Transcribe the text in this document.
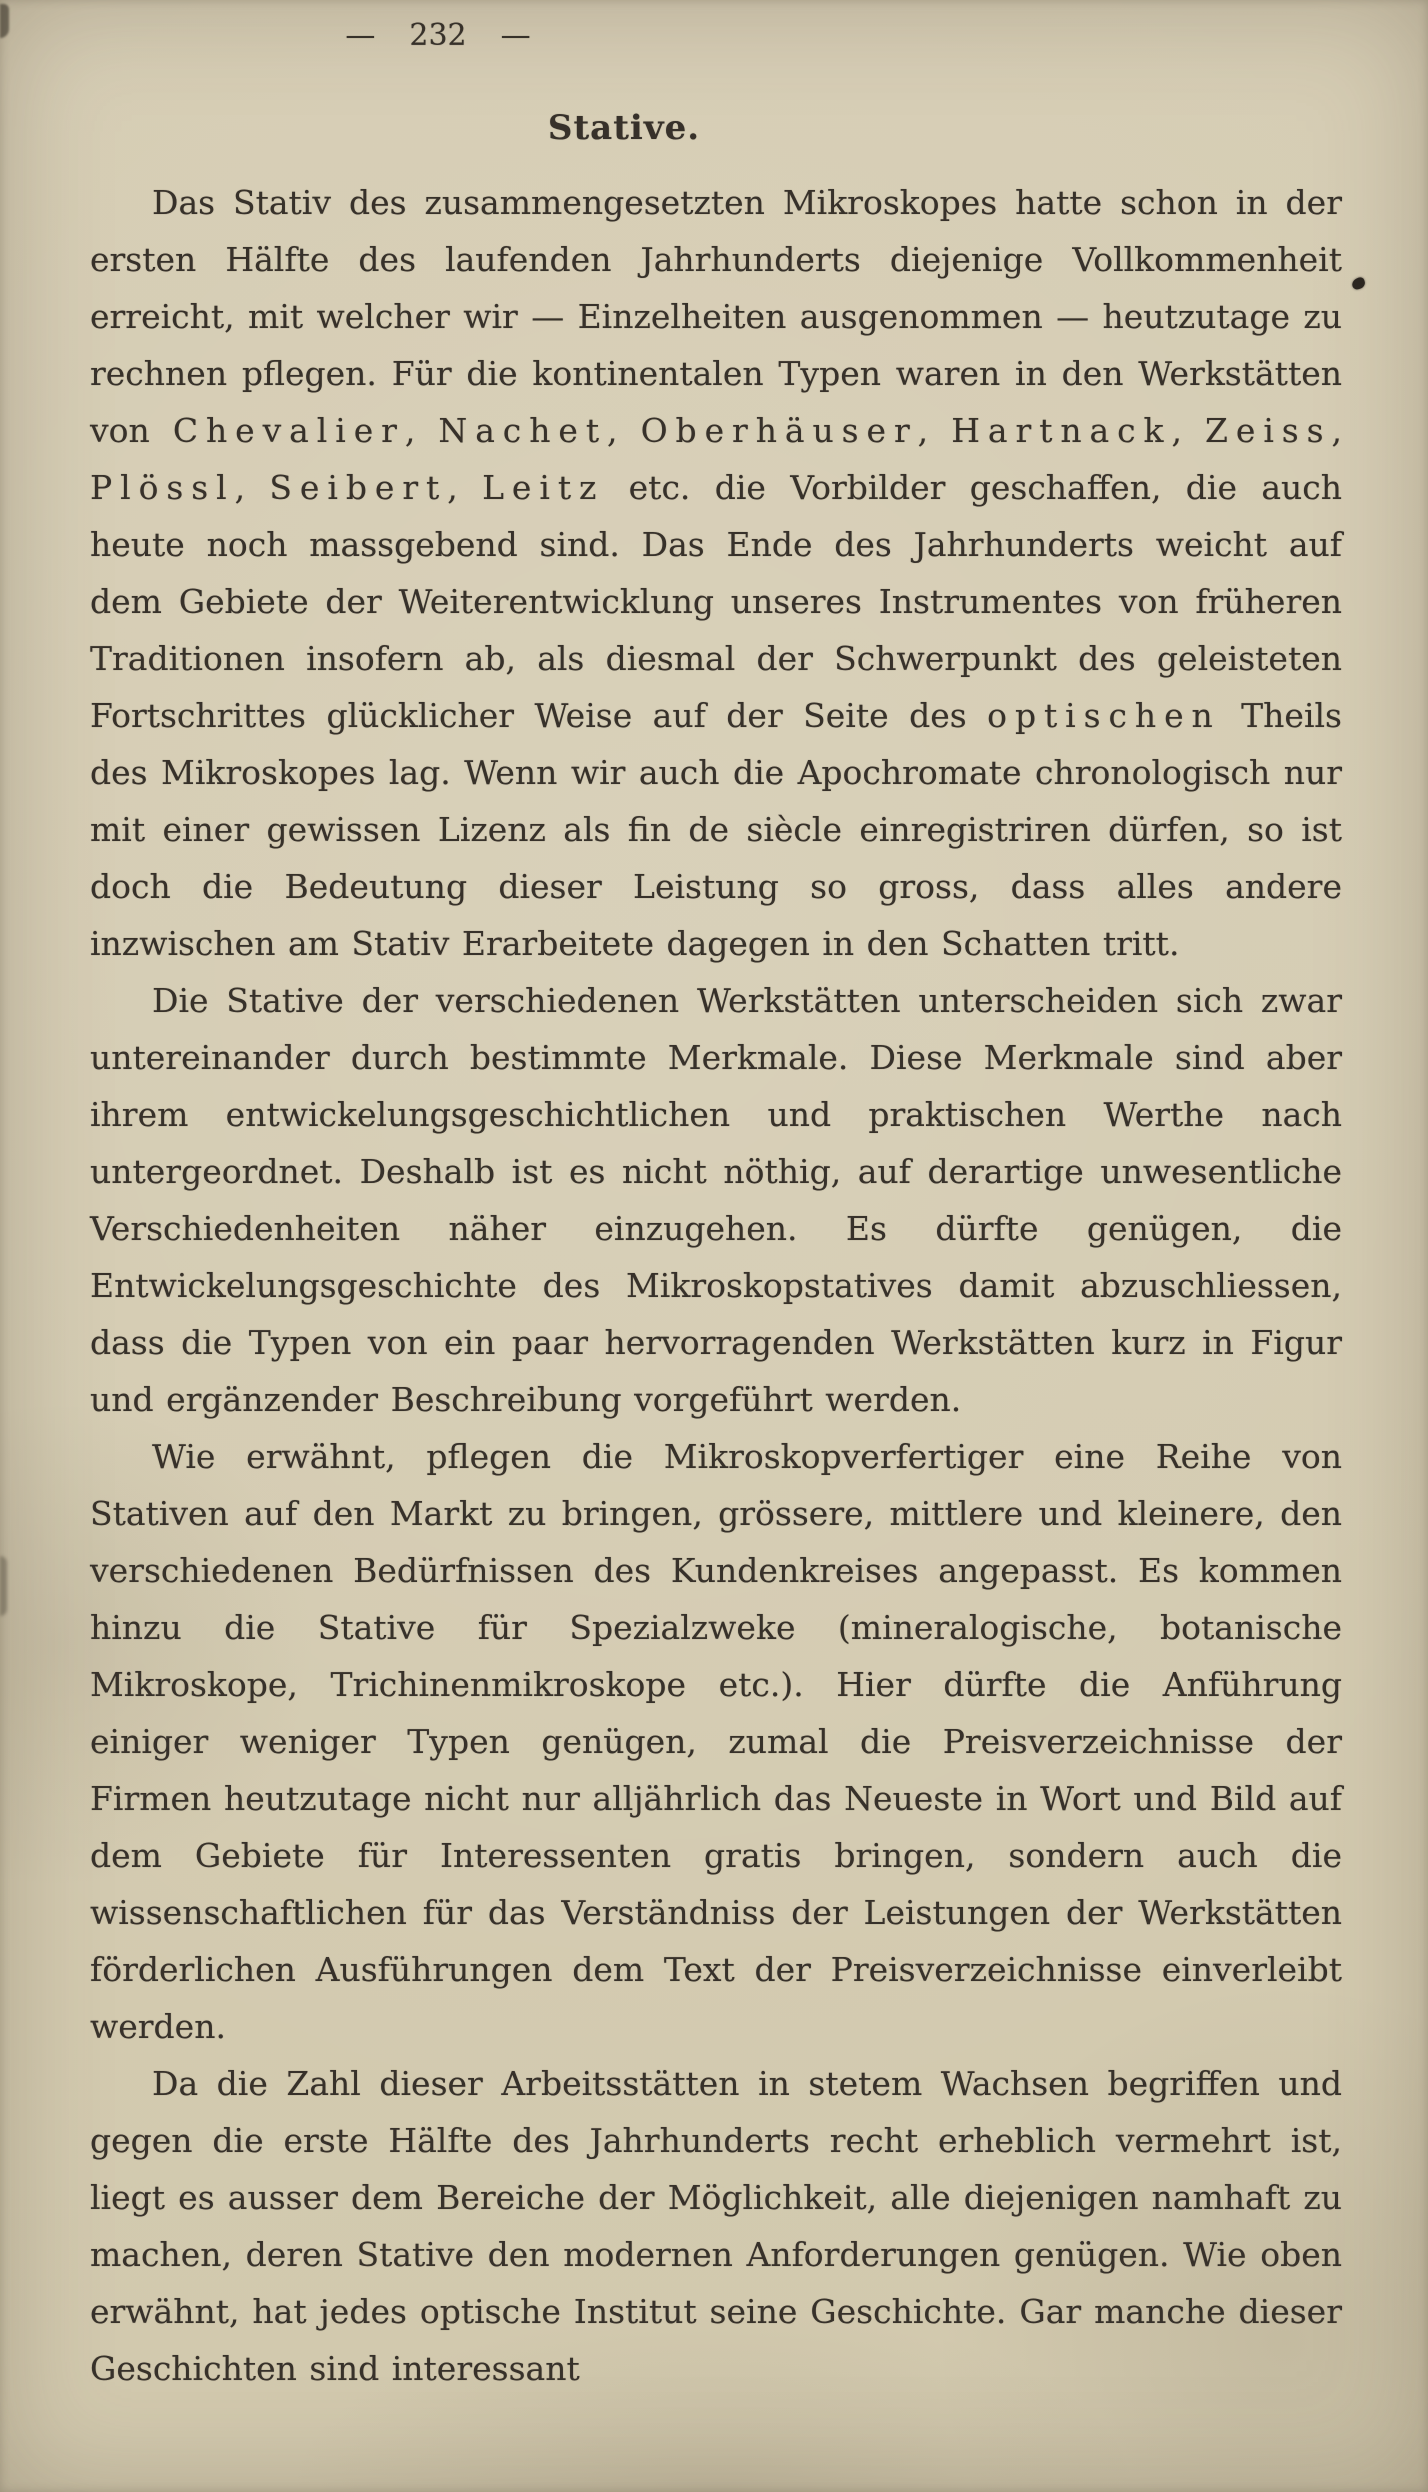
— 232 —
Stative.

Das Stativ des zusammengesetzten Mikroskopes hatte schon in der ersten Hälfte des laufenden Jahrhunderts diejenige Vollkommenheit erreicht, mit welcher wir — Einzelheiten ausgenommen — heutzutage zu rechnen pflegen. Für die kontinentalen Typen waren in den Werkstätten von Chevalier, Nachet, Oberhäuser, Hartnack, Zeiss, Plössl, Seibert, Leitz etc. die Vorbilder geschaffen, die auch heute noch massgebend sind. Das Ende des Jahrhunderts weicht auf dem Gebiete der Weiterentwicklung unseres Instrumentes von früheren Traditionen insofern ab, als diesmal der Schwerpunkt des geleisteten Fortschrittes glücklicher Weise auf der Seite des optischen Theils des Mikroskopes lag. Wenn wir auch die Apochromate chronologisch nur mit einer gewissen Lizenz als fin de siècle einregistriren dürfen, so ist doch die Bedeutung dieser Leistung so gross, dass alles andere inzwischen am Stativ Erarbeitete dagegen in den Schatten tritt.

Die Stative der verschiedenen Werkstätten unterscheiden sich zwar untereinander durch bestimmte Merkmale. Diese Merkmale sind aber ihrem entwickelungsgeschichtlichen und praktischen Werthe nach untergeordnet. Deshalb ist es nicht nöthig, auf derartige unwesentliche Verschiedenheiten näher einzugehen. Es dürfte genügen, die Entwickelungsgeschichte des Mikroskopstatives damit abzuschliessen, dass die Typen von ein paar hervorragenden Werkstätten kurz in Figur und ergänzender Beschreibung vorgeführt werden.

Wie erwähnt, pflegen die Mikroskopverfertiger eine Reihe von Stativen auf den Markt zu bringen, grössere, mittlere und kleinere, den verschiedenen Bedürfnissen des Kundenkreises angepasst. Es kommen hinzu die Stative für Spezialzweke (mineralogische, botanische Mikroskope, Trichinenmikroskope etc.). Hier dürfte die Anführung einiger weniger Typen genügen, zumal die Preisverzeichnisse der Firmen heutzutage nicht nur alljährlich das Neueste in Wort und Bild auf dem Gebiete für Interessenten gratis bringen, sondern auch die wissenschaftlichen für das Verständniss der Leistungen der Werkstätten förderlichen Ausführungen dem Text der Preisverzeichnisse einverleibt werden.

Da die Zahl dieser Arbeitsstätten in stetem Wachsen begriffen und gegen die erste Hälfte des Jahrhunderts recht erheblich vermehrt ist, liegt es ausser dem Bereiche der Möglichkeit, alle diejenigen namhaft zu machen, deren Stative den modernen Anforderungen genügen. Wie oben erwähnt, hat jedes optische Institut seine Geschichte. Gar manche dieser Geschichten sind interessant
